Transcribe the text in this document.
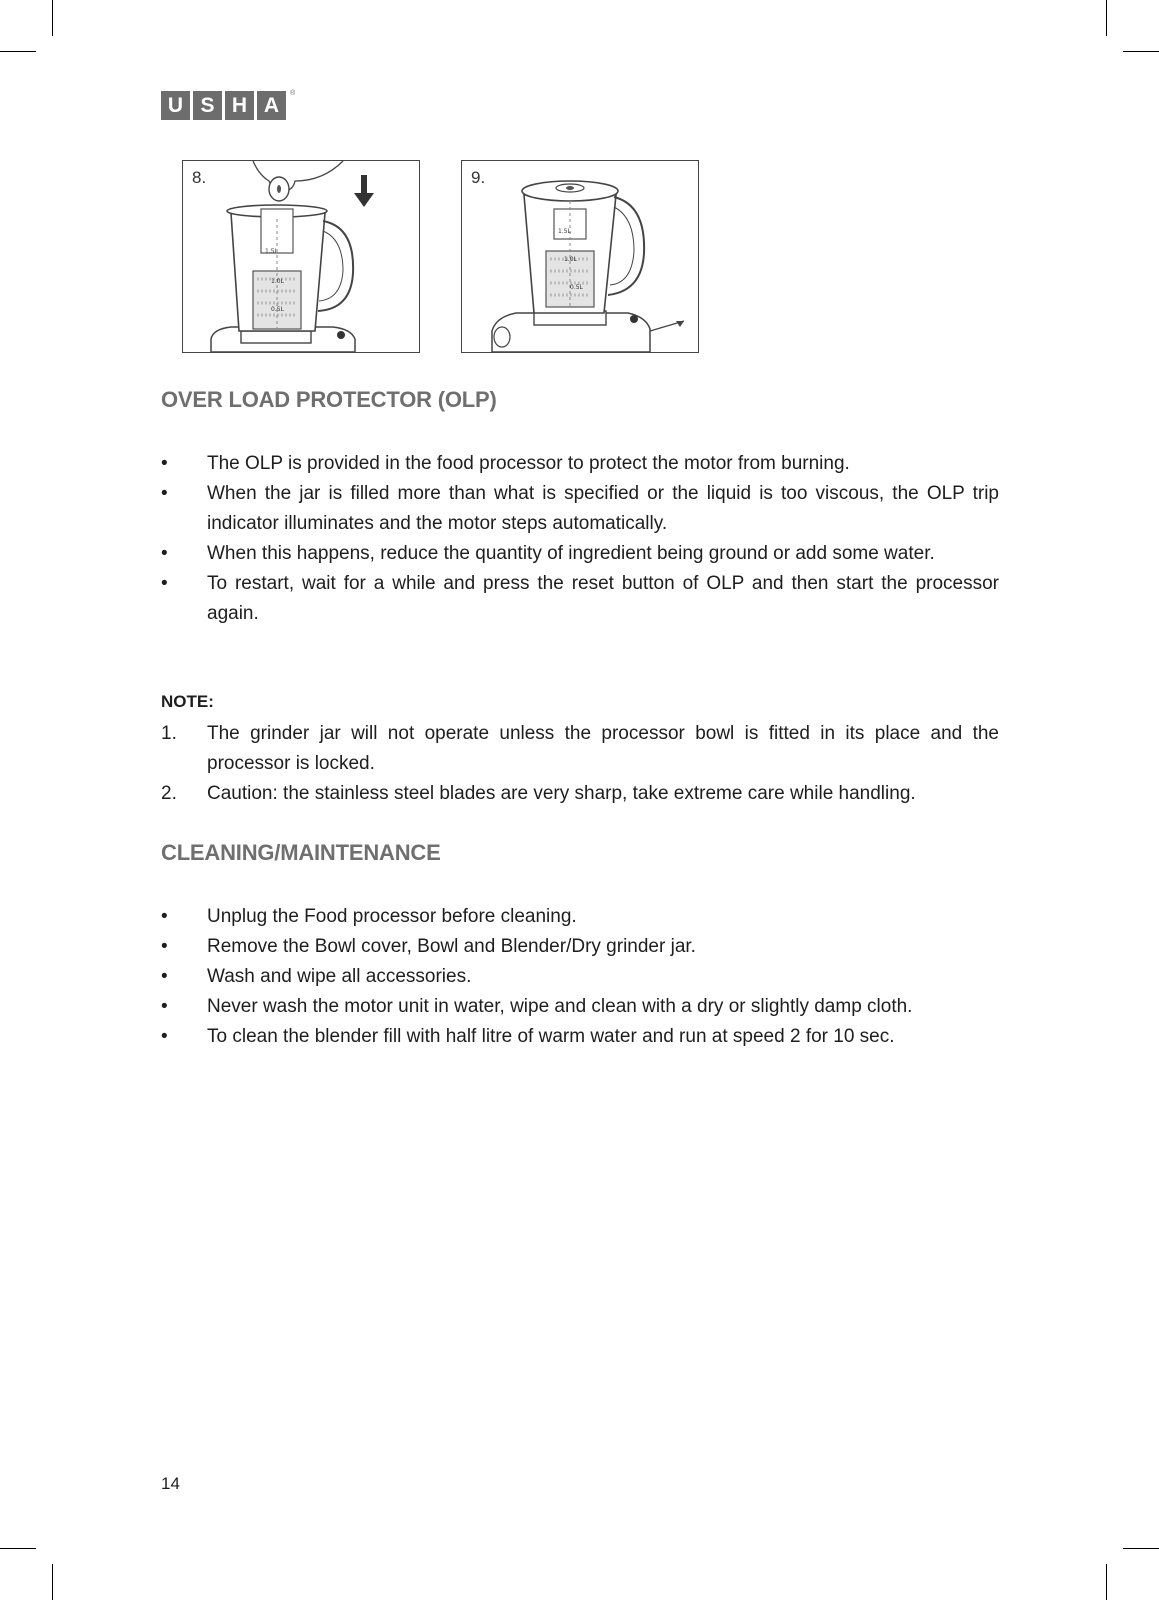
U S H A
®
1.5L
1.0L
0.5L
8.
1.5L
1.0L
0.5L
9.
OVER LOAD PROTECTOR (OLP)
• The OLP is provided in the food processor to protect the motor from burning.
• When the jar is filled more than what is specified or the liquid is too viscous, the OLP trip indicator illuminates and the motor steps automatically.
• When this happens, reduce the quantity of ingredient being ground or add some water.
• To restart, wait for a while and press the reset button of OLP and then start the processor again.

NOTE:

1. The grinder jar will not operate unless the processor bowl is fitted in its place and the processor is locked.
2. Caution: the stainless steel blades are very sharp, take extreme care while handling.
CLEANING/MAINTENANCE
• Unplug the Food processor before cleaning.
• Remove the Bowl cover, Bowl and Blender/Dry grinder jar.
• Wash and wipe all accessories.
• Never wash the motor unit in water, wipe and clean with a dry or slightly damp cloth.
• To clean the blender fill with half litre of warm water and run at speed 2 for 10 sec.
14
